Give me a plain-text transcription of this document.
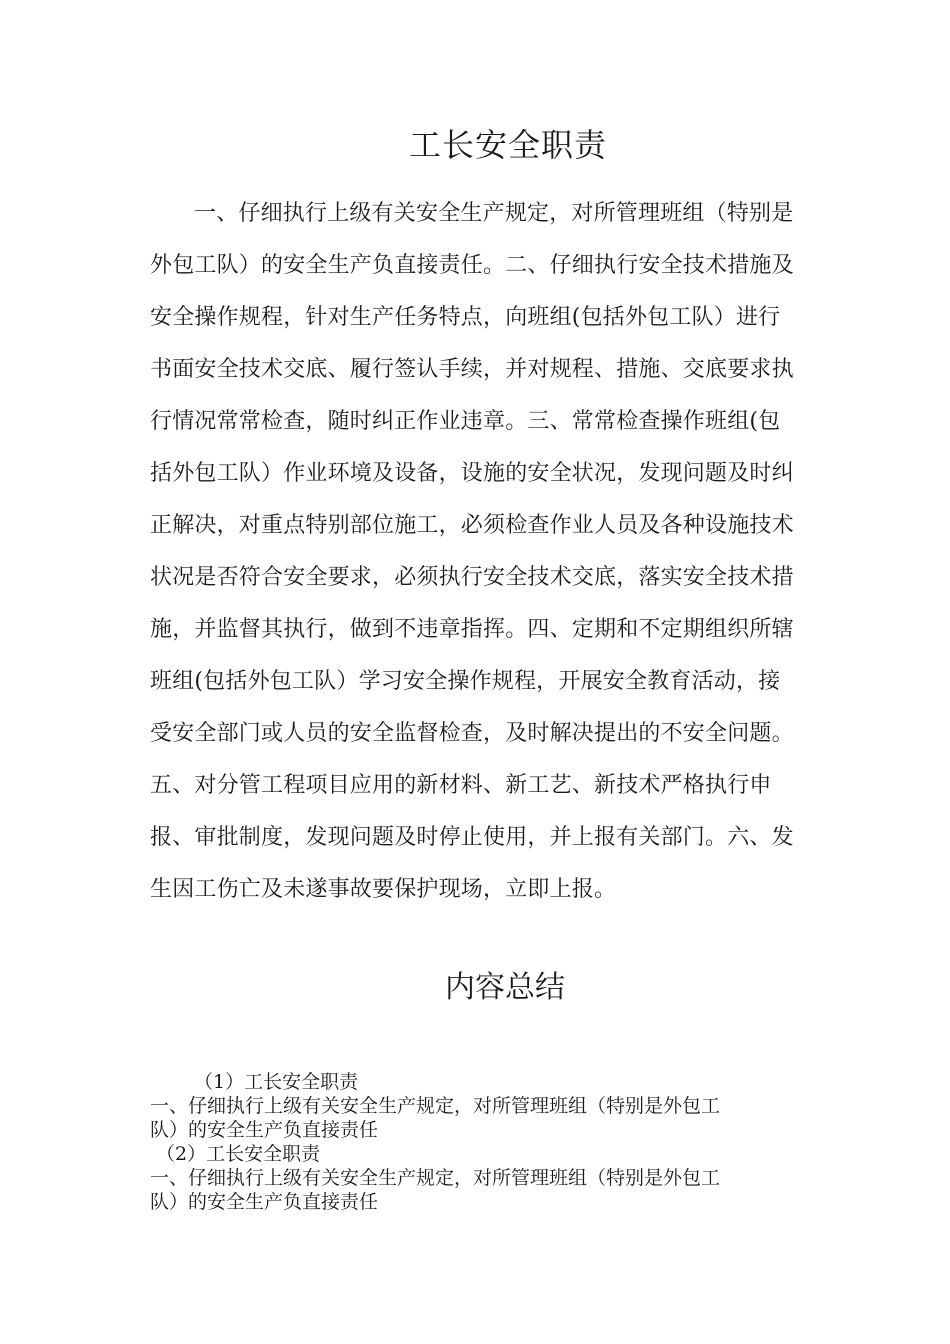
工长安全职责
一、仔细执行上级有关安全生产规定，对所管理班组（特别是
外包工队）的安全生产负直接责任。二、仔细执行安全技术措施及
安全操作规程，针对生产任务特点，向班组(包括外包工队）进行
书面安全技术交底、履行签认手续，并对规程、措施、交底要求执
行情况常常检查，随时纠正作业违章。三、常常检查操作班组(包
括外包工队）作业环境及设备，设施的安全状况，发现问题及时纠
正解决，对重点特别部位施工，必须检查作业人员及各种设施技术
状况是否符合安全要求，必须执行安全技术交底，落实安全技术措
施，并监督其执行，做到不违章指挥。四、定期和不定期组织所辖
班组(包括外包工队）学习安全操作规程，开展安全教育活动，接
受安全部门或人员的安全监督检查，及时解决提出的不安全问题。
五、对分管工程项目应用的新材料、新工艺、新技术严格执行申
报、审批制度，发现问题及时停止使用，并上报有关部门。六、发
生因工伤亡及未遂事故要保护现场，立即上报。
内容总结
（1）工长安全职责
一、仔细执行上级有关安全生产规定，对所管理班组（特别是外包工
队）的安全生产负直接责任
（2）工长安全职责
一、仔细执行上级有关安全生产规定，对所管理班组（特别是外包工
队）的安全生产负直接责任
